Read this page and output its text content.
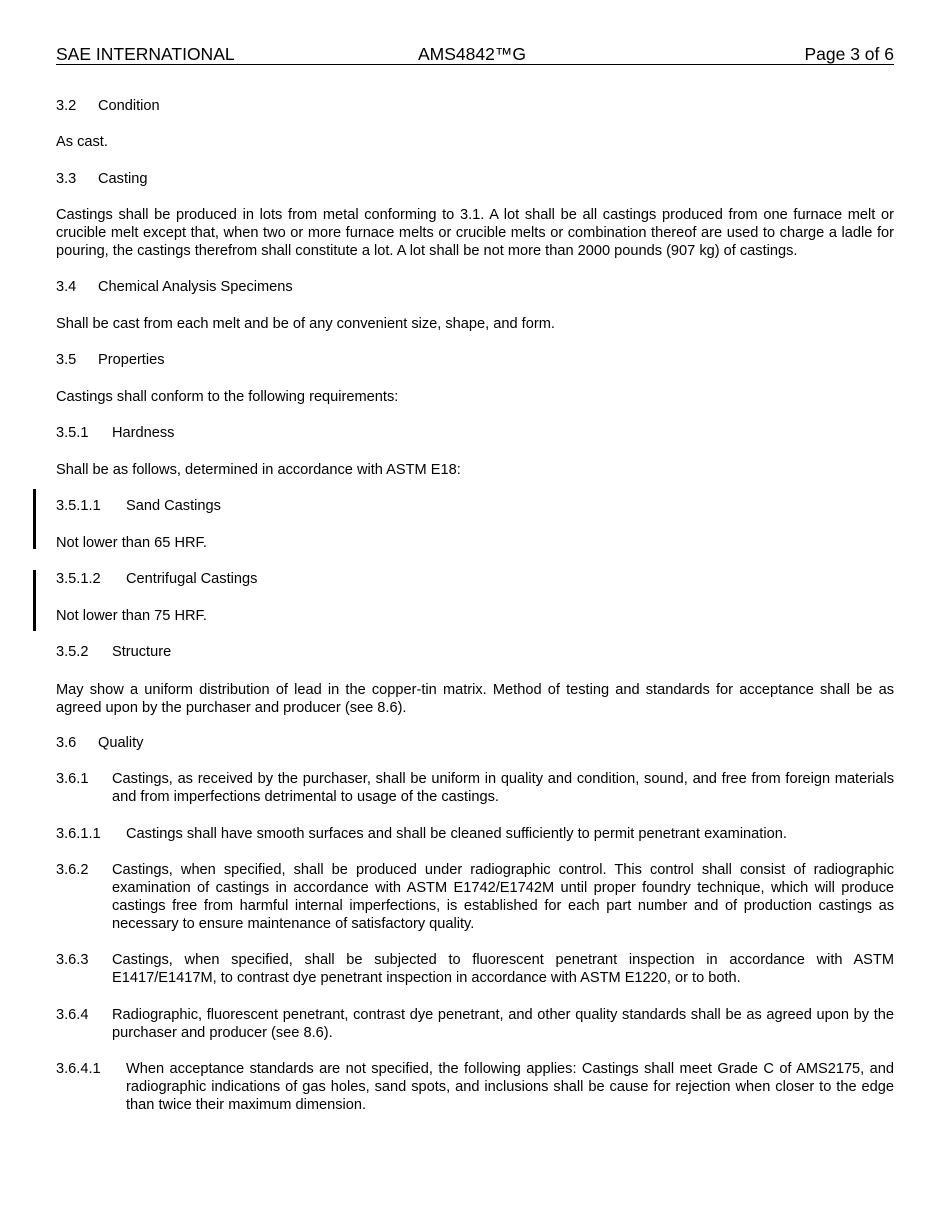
SAE INTERNATIONAL	AMS4842™G	Page 3 of 6
3.2 Condition
As cast.
3.3 Casting
Castings shall be produced in lots from metal conforming to 3.1. A lot shall be all castings produced from one furnace melt or crucible melt except that, when two or more furnace melts or crucible melts or combination thereof are used to charge a ladle for pouring, the castings therefrom shall constitute a lot. A lot shall be not more than 2000 pounds (907 kg) of castings.
3.4 Chemical Analysis Specimens
Shall be cast from each melt and be of any convenient size, shape, and form.
3.5 Properties
Castings shall conform to the following requirements:
3.5.1 Hardness
Shall be as follows, determined in accordance with ASTM E18:
3.5.1.1 Sand Castings
Not lower than 65 HRF.
3.5.1.2 Centrifugal Castings
Not lower than 75 HRF.
3.5.2 Structure
May show a uniform distribution of lead in the copper-tin matrix. Method of testing and standards for acceptance shall be as agreed upon by the purchaser and producer (see 8.6).
3.6 Quality
3.6.1 Castings, as received by the purchaser, shall be uniform in quality and condition, sound, and free from foreign materials and from imperfections detrimental to usage of the castings.
3.6.1.1 Castings shall have smooth surfaces and shall be cleaned sufficiently to permit penetrant examination.
3.6.2 Castings, when specified, shall be produced under radiographic control. This control shall consist of radiographic examination of castings in accordance with ASTM E1742/E1742M until proper foundry technique, which will produce castings free from harmful internal imperfections, is established for each part number and of production castings as necessary to ensure maintenance of satisfactory quality.
3.6.3 Castings, when specified, shall be subjected to fluorescent penetrant inspection in accordance with ASTM E1417/E1417M, to contrast dye penetrant inspection in accordance with ASTM E1220, or to both.
3.6.4 Radiographic, fluorescent penetrant, contrast dye penetrant, and other quality standards shall be as agreed upon by the purchaser and producer (see 8.6).
3.6.4.1 When acceptance standards are not specified, the following applies: Castings shall meet Grade C of AMS2175, and radiographic indications of gas holes, sand spots, and inclusions shall be cause for rejection when closer to the edge than twice their maximum dimension.
